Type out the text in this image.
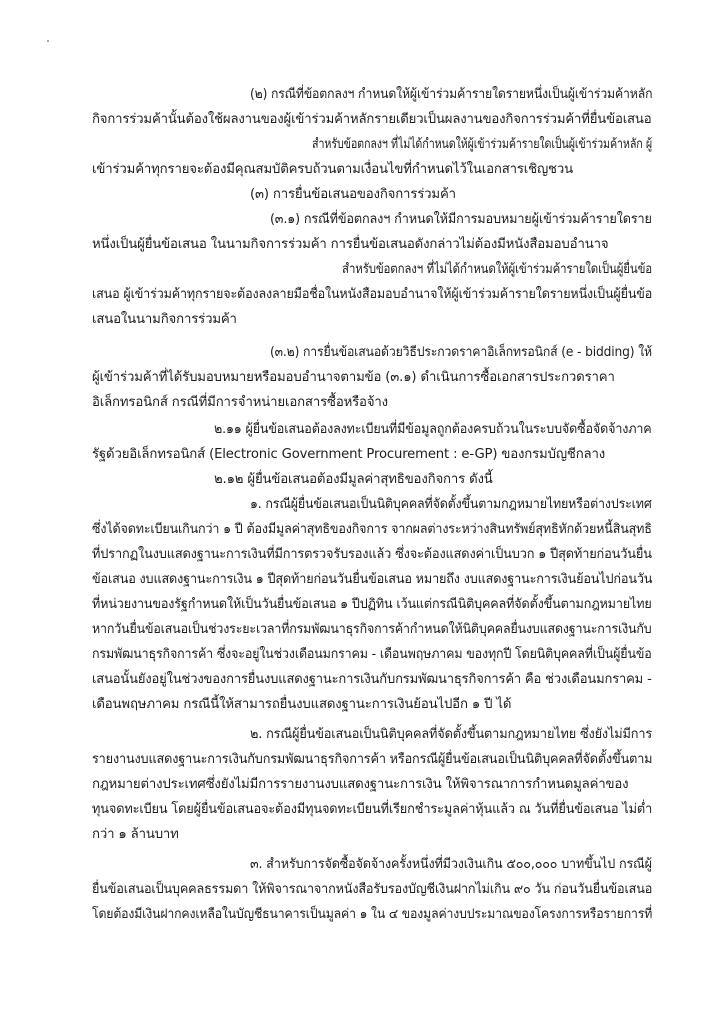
(๒) กรณีที่ข้อตกลงฯ กำหนดให้ผู้เข้าร่วมค้ารายใดรายหนึ่งเป็นผู้เข้าร่วมค้าหลัก
กิจการร่วมค้านั้นต้องใช้ผลงานของผู้เข้าร่วมค้าหลักรายเดียวเป็นผลงานของกิจการร่วมค้าที่ยื่นข้อเสนอ
สำหรับข้อตกลงฯ ที่ไม่ได้กำหนดให้ผู้เข้าร่วมค้ารายใดเป็นผู้เข้าร่วมค้าหลัก ผู้
เข้าร่วมค้าทุกรายจะต้องมีคุณสมบัติครบถ้วนตามเงื่อนไขที่กำหนดไว้ในเอกสารเชิญชวน
(๓) การยื่นข้อเสนอของกิจการร่วมค้า
(๓.๑) กรณีที่ข้อตกลงฯ กำหนดให้มีการมอบหมายผู้เข้าร่วมค้ารายใดราย
หนึ่งเป็นผู้ยื่นข้อเสนอ ในนามกิจการร่วมค้า การยื่นข้อเสนอดังกล่าวไม่ต้องมีหนังสือมอบอำนาจ
สำหรับข้อตกลงฯ ที่ไม่ได้กำหนดให้ผู้เข้าร่วมค้ารายใดเป็นผู้ยื่นข้อ
เสนอ ผู้เข้าร่วมค้าทุกรายจะต้องลงลายมือชื่อในหนังสือมอบอำนาจให้ผู้เข้าร่วมค้ารายใดรายหนึ่งเป็นผู้ยื่นข้อ
เสนอในนามกิจการร่วมค้า
(๓.๒) การยื่นข้อเสนอด้วยวิธีประกวดราคาอิเล็กทรอนิกส์ (e - bidding) ให้
ผู้เข้าร่วมค้าที่ได้รับมอบหมายหรือมอบอำนาจตามข้อ (๓.๑) ดำเนินการซื้อเอกสารประกวดราคา
อิเล็กทรอนิกส์ กรณีที่มีการจำหน่ายเอกสารซื้อหรือจ้าง
๒.๑๑ ผู้ยื่นข้อเสนอต้องลงทะเบียนที่มีข้อมูลถูกต้องครบถ้วนในระบบจัดซื้อจัดจ้างภาค
รัฐด้วยอิเล็กทรอนิกส์ (Electronic Government Procurement : e-GP) ของกรมบัญชีกลาง
๒.๑๒ ผู้ยื่นข้อเสนอต้องมีมูลค่าสุทธิของกิจการ ดังนี้
๑. กรณีผู้ยื่นข้อเสนอเป็นนิติบุคคลที่จัดตั้งขึ้นตามกฎหมายไทยหรือต่างประเทศ
ซึ่งได้จดทะเบียนเกินกว่า ๑ ปี ต้องมีมูลค่าสุทธิของกิจการ จากผลต่างระหว่างสินทรัพย์สุทธิหักด้วยหนี้สินสุทธิ
ที่ปรากฏในงบแสดงฐานะการเงินที่มีการตรวจรับรองแล้ว ซึ่งจะต้องแสดงค่าเป็นบวก ๑ ปีสุดท้ายก่อนวันยื่น
ข้อเสนอ งบแสดงฐานะการเงิน ๑ ปีสุดท้ายก่อนวันยื่นข้อเสนอ หมายถึง งบแสดงฐานะการเงินย้อนไปก่อนวัน
ที่หน่วยงานของรัฐกำหนดให้เป็นวันยื่นข้อเสนอ ๑ ปีปฏิทิน เว้นแต่กรณีนิติบุคคลที่จัดตั้งขึ้นตามกฎหมายไทย
หากวันยื่นข้อเสนอเป็นช่วงระยะเวลาที่กรมพัฒนาธุรกิจการค้ากำหนดให้นิติบุคคลยื่นงบแสดงฐานะการเงินกับ
กรมพัฒนาธุรกิจการค้า ซึ่งจะอยู่ในช่วงเดือนมกราคม - เดือนพฤษภาคม ของทุกปี โดยนิติบุคคลที่เป็นผู้ยื่นข้อ
เสนอนั้นยังอยู่ในช่วงของการยื่นงบแสดงฐานะการเงินกับกรมพัฒนาธุรกิจการค้า คือ ช่วงเดือนมกราคม -
เดือนพฤษภาคม กรณีนี้ให้สามารถยื่นงบแสดงฐานะการเงินย้อนไปอีก ๑ ปี ได้
๒. กรณีผู้ยื่นข้อเสนอเป็นนิติบุคคลที่จัดตั้งขึ้นตามกฎหมายไทย ซึ่งยังไม่มีการ
รายงานงบแสดงฐานะการเงินกับกรมพัฒนาธุรกิจการค้า หรือกรณีผู้ยื่นข้อเสนอเป็นนิติบุคคลที่จัดตั้งขึ้นตาม
กฎหมายต่างประเทศซึ่งยังไม่มีการรายงานงบแสดงฐานะการเงิน ให้พิจารณาการกำหนดมูลค่าของ
ทุนจดทะเบียน โดยผู้ยื่นข้อเสนอจะต้องมีทุนจดทะเบียนที่เรียกชำระมูลค่าหุ้นแล้ว ณ วันที่ยื่นข้อเสนอ ไม่ต่ำ
กว่า ๑ ล้านบาท
๓. สำหรับการจัดซื้อจัดจ้างครั้งหนึ่งที่มีวงเงินเกิน ๕๐๐,๐๐๐ บาทขึ้นไป กรณีผู้
ยื่นข้อเสนอเป็นบุคคลธรรมดา ให้พิจารณาจากหนังสือรับรองบัญชีเงินฝากไม่เกิน ๙๐ วัน ก่อนวันยื่นข้อเสนอ
โดยต้องมีเงินฝากคงเหลือในบัญชีธนาคารเป็นมูลค่า ๑ ใน ๔ ของมูลค่างบประมาณของโครงการหรือรายการที่
